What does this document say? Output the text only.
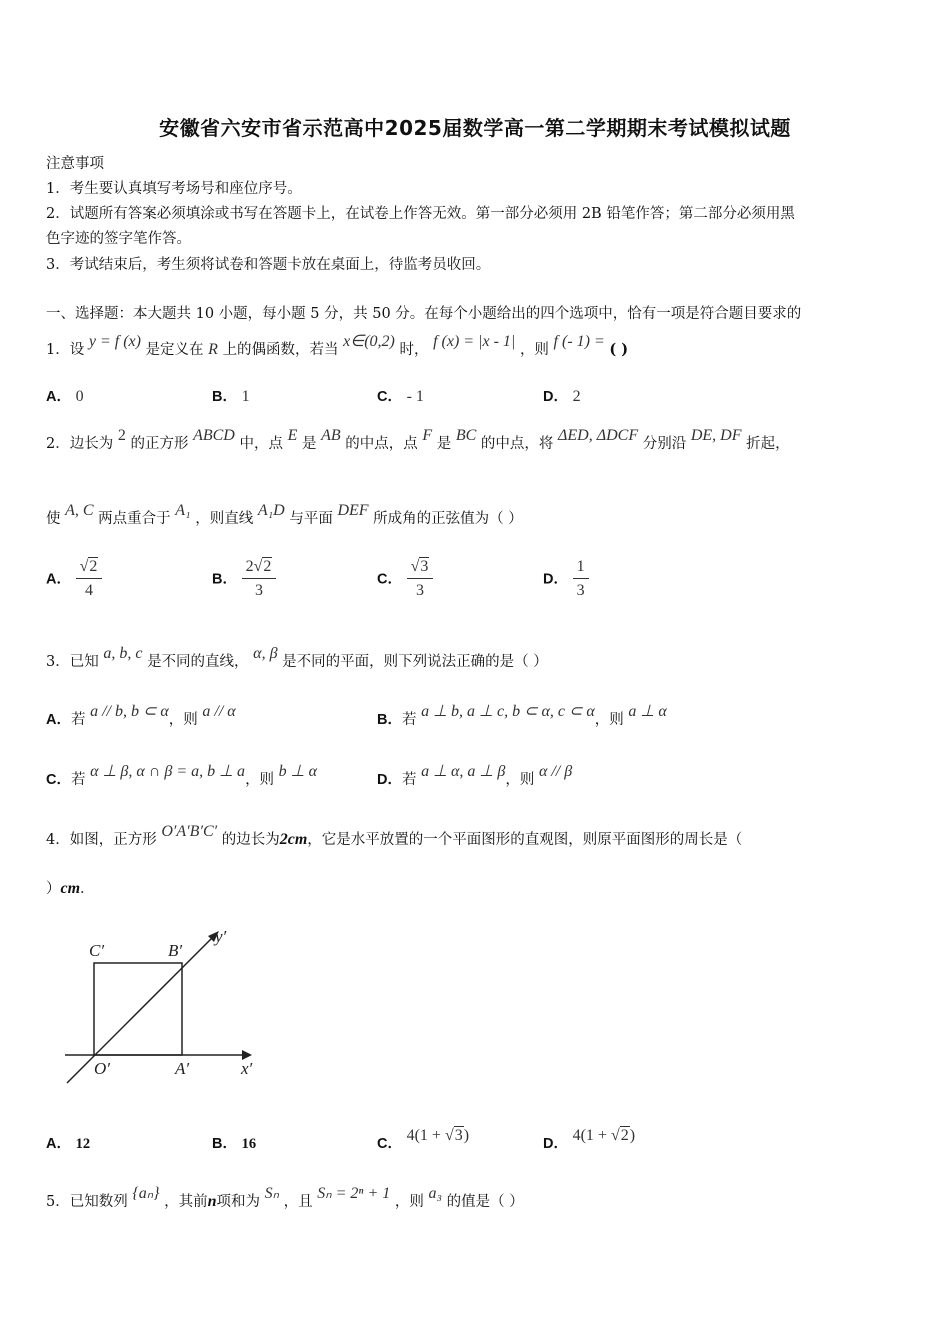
安徽省六安市省示范高中2025届数学高一第二学期期末考试模拟试题
注意事项
1．考生要认真填写考场号和座位序号。
2．试题所有答案必须填涂或书写在答题卡上，在试卷上作答无效。第一部分必须用 2B 铅笔作答；第二部分必须用黑
色字迹的签字笔作答。
3．考试结束后，考生须将试卷和答题卡放在桌面上，待监考员收回。
一、选择题：本大题共 10 小题，每小题 5 分，共 50 分。在每个小题给出的四个选项中，恰有一项是符合题目要求的
1．设 y = f (x) 是定义在 R 上的偶函数，若当 x∈(0,2) 时， f (x) = |x - 1| ，则 f (- 1) = ( )
A． 0	B． 1	C． - 1	D． 2
2．边长为 2 的正方形 ABCD 中，点 E 是 AB 的中点，点 F 是 BC 的中点，将 ΔED, ΔDCF 分别沿 DE, DF 折起，
使 A, C 两点重合于 A₁ ，则直线 A₁D 与平面 DEF 所成角的正弦值为（ ）
A． $\frac{√2}{4}$	B． $\frac{2√2}{3}$	C． $\frac{√3}{3}$	D． $\frac{1}{3}$
3．已知 a, b, c 是不同的直线， α, β 是不同的平面，则下列说法正确的是（ ）
A．若 a // b, b ⊂ α，则 a // α	B．若 a ⊥ b, a ⊥ c, b ⊂ α, c ⊂ α，则 a ⊥ α
C．若 α ⊥ β, α ∩ β = a, b ⊥ a，则 b ⊥ α	D．若 a ⊥ α, a ⊥ β，则 α // β
4．如图，正方形 O′A′B′C′ 的边长为2cm，它是水平放置的一个平面图形的直观图，则原平面图形的周长是（
）cm．
C′	B′
O′	A′	x′
y′
A． 12	B． 16	C． 4(1 + √3)	D． 4(1 + √2)
5．已知数列 {aₙ} ，其前n项和为 Sₙ ，且 Sₙ = 2ⁿ + 1 ，则 a₃ 的值是（ ）
